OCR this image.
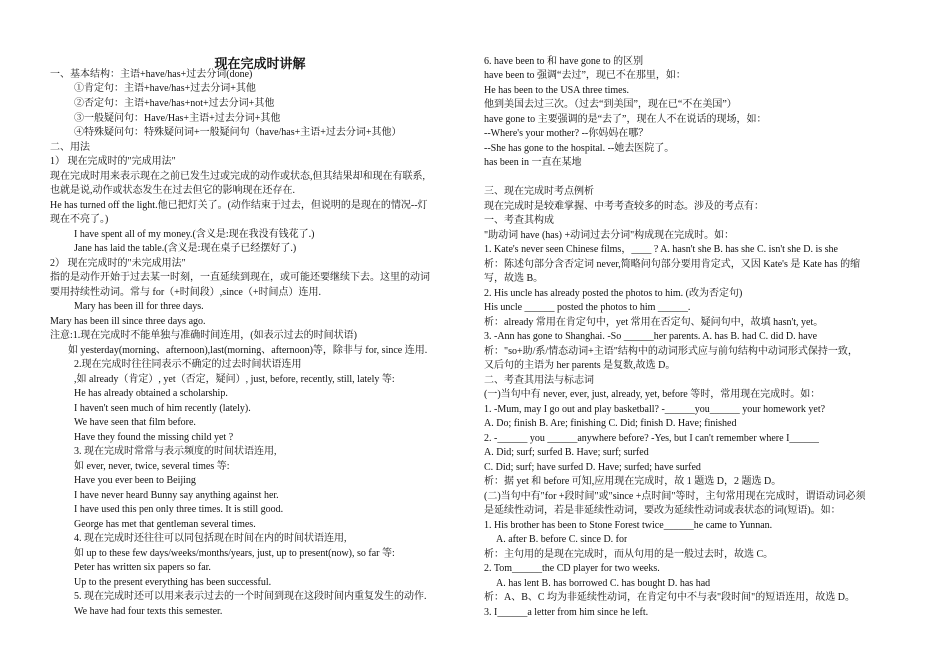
现在完成时讲解
一、基本结构：主语+have/has+过去分词(done)
①肯定句：主语+have/has+过去分词+其他
②否定句：主语+have/has+not+过去分词+其他
③一般疑问句：Have/Has+主语+过去分词+其他
④特殊疑问句：特殊疑问词+一般疑问句（have/has+主语+过去分词+其他）
二、用法
1） 现在完成时的"完成用法"
现在完成时用来表示现在之前已发生过或完成的动作或状态,但其结果却和现在有联系,
也就是说,动作或状态发生在过去但它的影响现在还存在.
He has turned off the light.他已把灯关了。(动作结束于过去，但说明的是现在的情况--灯
现在不亮了。)
I have spent all of my money.(含义是:现在我没有钱花了.)
Jane has laid the table.(含义是:现在桌子已经摆好了.)
2） 现在完成时的"未完成用法"
指的是动作开始于过去某一时刻，一直延续到现在，或可能还要继续下去。这里的动词
要用持续性动词。常与 for（+时间段）,since（+时间点）连用.
Mary has been ill for three days.
Mary has been ill since three days ago.
注意:1.现在完成时不能单独与准确时间连用，(如表示过去的时间状语)
如 yesterday(morning、afternoon),last(morning、afternoon)等，除非与 for, since 连用.
2.现在完成时往往同表示不确定的过去时间状语连用
,如 already（肯定）, yet（否定，疑问）, just, before, recently, still, lately 等:
He has already obtained a scholarship.
I haven't seen much of him recently (lately).
We have seen that film before.
Have they found the missing child yet ?
3. 现在完成时常常与表示频度的时间状语连用,
如 ever, never, twice, several times 等:
Have you ever been to Beijing
I have never heard Bunny say anything against her.
I have used this pen only three times. It is still good.
George has met that gentleman several times.
4. 现在完成时还往往可以同包括现在时间在内的时间状语连用,
如 up to these few days/weeks/months/years, just, up to present(now), so far 等:
Peter has written six papers so far.
Up to the present everything has been successful.
5. 现在完成时还可以用来表示过去的一个时间到现在这段时间内重复发生的动作.
We have had four texts this semester.
6. have been to 和 have gone to 的区别
have been to 强调“去过”，现已不在那里，如：
He has been to the USA three times.
他到美国去过三次。（过去“到美国”，现在已“不在美国”）
have gone to 主要强调的是“去了”，现在人不在说话的现场，如：
--Where's your mother? --你妈妈在哪？
--She has gone to the hospital. --她去医院了。
has been in 一直在某地
三、现在完成时考点例析
现在完成时是较难掌握、中考考查较多的时态。涉及的考点有：
一、考查其构成
"助动词 have (has) +动词过去分词"构成现在完成时。如：
1. Kate's never seen Chinese films，____ ? A. hasn't she B. has she C. isn't she D. is she
析：陈述句部分含否定词 never,简略问句部分要用肯定式，又因 Kate's 是 Kate has 的缩
写，故选 B。
2. His uncle has already posted the photos to him. (改为否定句)
His uncle ______ posted the photos to him ______.
析：already 常用在肯定句中，yet 常用在否定句、疑问句中，故填 hasn't, yet。
3. -Ann has gone to Shanghai. -So ______her parents. A. has B. had C. did D. have
析："so+助/系/情态动词+主语"结构中的动词形式应与前句结构中动词形式保持一致，
又后句的主语为 her parents 是复数,故选 D。
二、考查其用法与标志词
(一)当句中有 never, ever, just, already, yet, before 等时，常用现在完成时。如：
1. -Mum, may I go out and play basketball? -______you______ your homework yet?
A. Do; finish B. Are; finishing C. Did; finish D. Have; finished
2. -______ you ______anywhere before? -Yes, but I can't remember where I______
A. Did; surf; surfed B. Have; surf; surfed
C. Did; surf; have surfed D. Have; surfed; have surfed
析：据 yet 和 before 可知,应用现在完成时，故 1 题选 D，2 题选 D。
(二)当句中有"for +段时间"或"since +点时间"等时，主句常用现在完成时，谓语动词必须
是延续性动词，若是非延续性动词，要改为延续性动词或表状态的词(短语)。如：
1. His brother has been to Stone Forest twice______he came to Yunnan.
A. after B. before C. since D. for
析：主句用的是现在完成时，而从句用的是一般过去时，故选 C。
2. Tom______the CD player for two weeks.
A. has lent B. has borrowed C. has bought D. has had
析：A、B、C 均为非延续性动词，在肯定句中不与表"段时间"的短语连用，故选 D。
3. I______a letter from him since he left.
